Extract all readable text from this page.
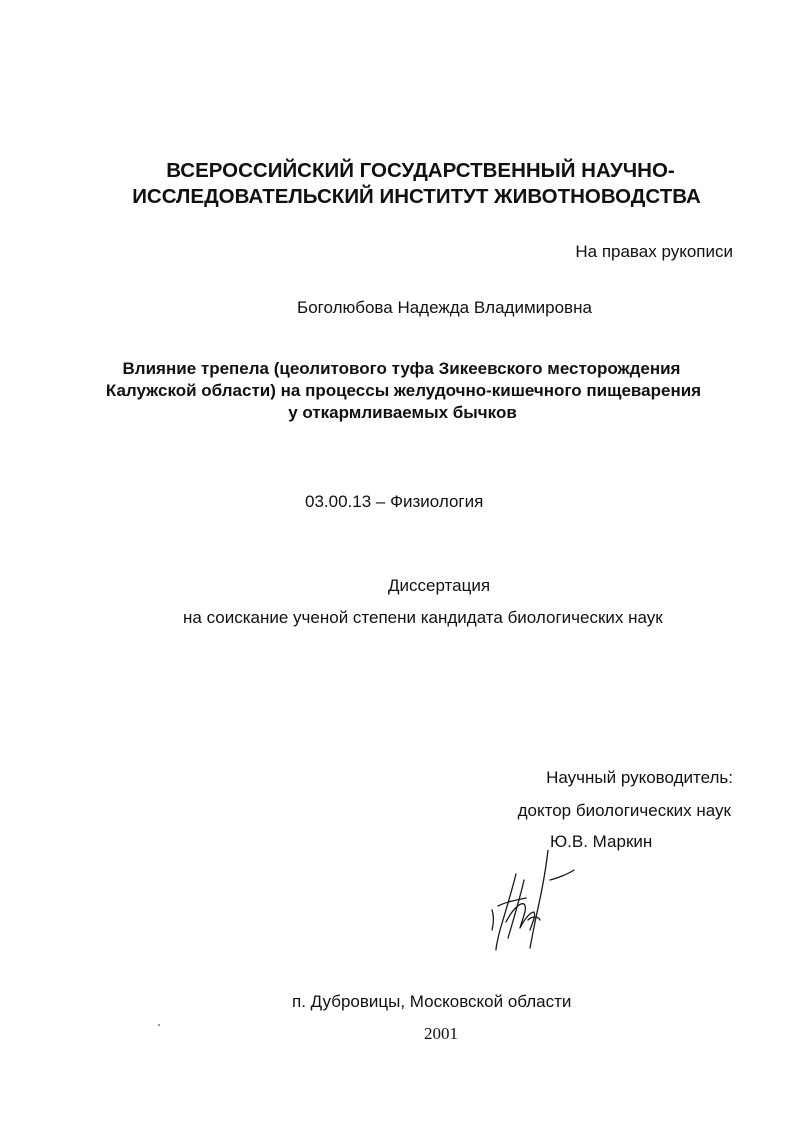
ВСЕРОССИЙСКИЙ ГОСУДАРСТВЕННЫЙ НАУЧНО-
ИССЛЕДОВАТЕЛЬСКИЙ ИНСТИТУТ ЖИВОТНОВОДСТВА
На правах рукописи
Боголюбова Надежда Владимировна
Влияние трепела (цеолитового туфа Зикеевского месторождения
Калужской области) на процессы желудочно-кишечного пищеварения
у откармливаемых бычков
03.00.13 – Физиология
Диссертация
на соискание ученой степени кандидата биологических наук
Научный руководитель:
доктор биологических наук
Ю.В. Маркин
п. Дубровицы, Московской области
2001
